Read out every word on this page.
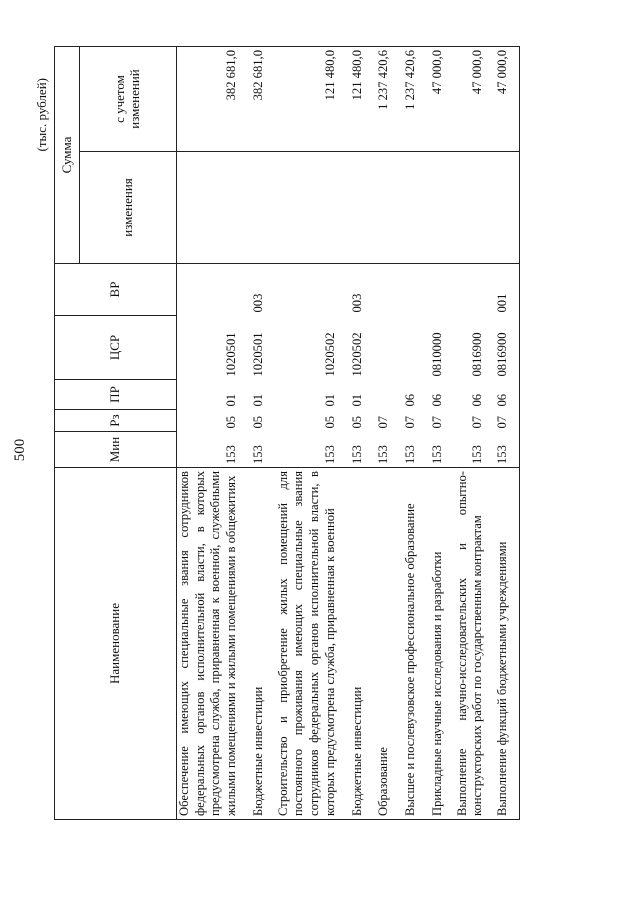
500
(тыс. рублей)
Наименование	Мин	Рз	ПР	ЦСР	ВР	Сумма	
						изменения	с учетом изменений
Обеспечение имеющих специальные звания сотрудников федеральных органов исполнительной власти, в которых предусмотрена служба, приравненная к военной, служебными жилыми помещениями и жилыми помещениями в общежитиях	153	05	01	1020501			382 681,0
Бюджетные инвестиции	153	05	01	1020501	003		382 681,0
Строительство и приобретение жилых помещений для постоянного проживания имеющих специальные звания сотрудников федеральных органов исполнительной власти, в которых предусмотрена служба, приравненная к военной	153	05	01	1020502			121 480,0
Бюджетные инвестиции	153	05	01	1020502	003		121 480,0
Образование	153	07					1 237 420,6
Высшее и послевузовское профессиональное образование	153	07	06				1 237 420,6
Прикладные научные исследования и разработки	153	07	06	0810000			47 000,0
Выполнение научно-исследовательских и опытно-конструкторских работ по государственным контрактам	153	07	06	0816900			47 000,0
Выполнение функций бюджетными учреждениями	153	07	06	0816900	001		47 000,0
